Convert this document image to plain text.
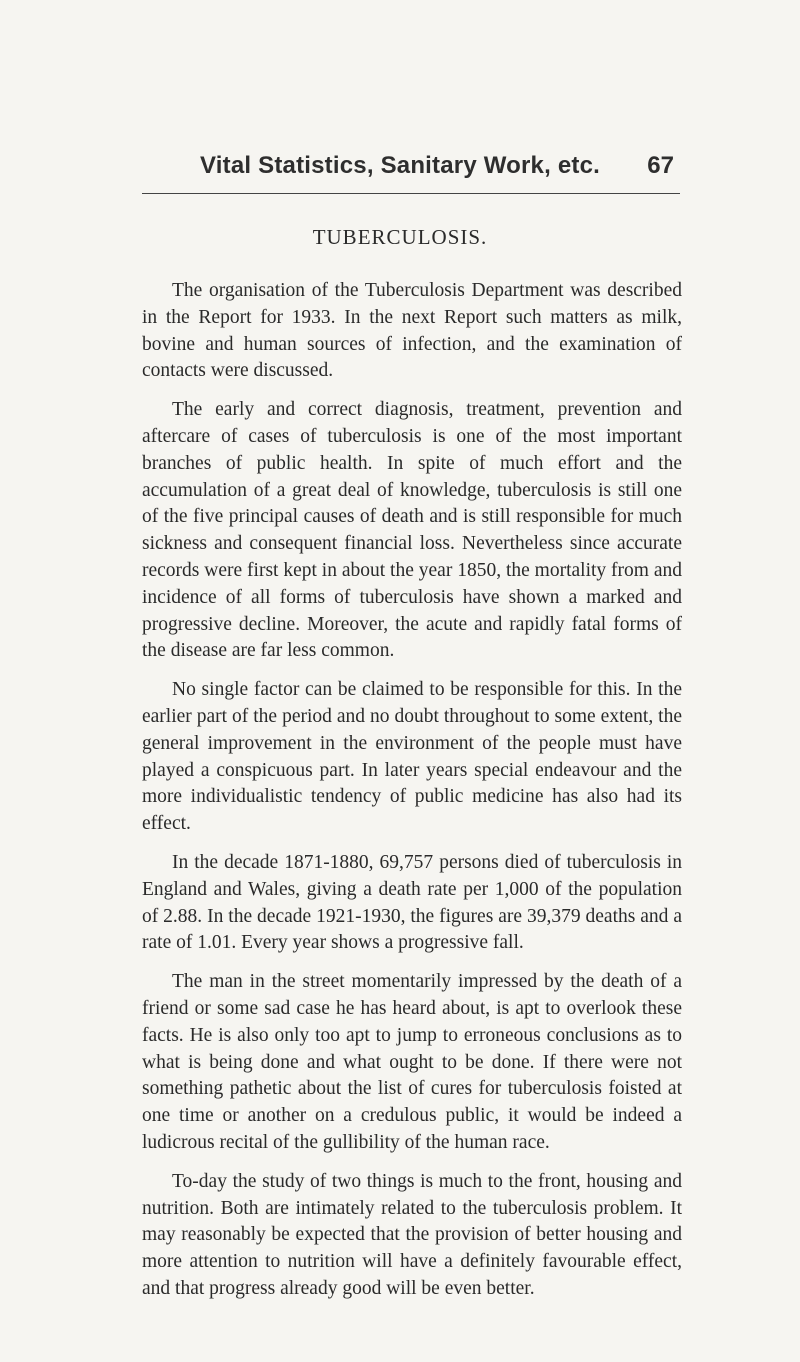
Vital Statistics, Sanitary Work, etc. 67
TUBERCULOSIS.

The organisation of the Tuberculosis Department was described in the Report for 1933. In the next Report such matters as milk, bovine and human sources of infection, and the examination of contacts were discussed.

The early and correct diagnosis, treatment, prevention and aftercare of cases of tuberculosis is one of the most important branches of public health. In spite of much effort and the accumulation of a great deal of knowledge, tuberculosis is still one of the five principal causes of death and is still responsible for much sickness and consequent financial loss. Nevertheless since accurate records were first kept in about the year 1850, the mortality from and incidence of all forms of tuberculosis have shown a marked and progressive decline. Moreover, the acute and rapidly fatal forms of the disease are far less common.

No single factor can be claimed to be responsible for this. In the earlier part of the period and no doubt throughout to some extent, the general improvement in the environment of the people must have played a conspicuous part. In later years special endeavour and the more individualistic tendency of public medicine has also had its effect.

In the decade 1871-1880, 69,757 persons died of tuberculosis in England and Wales, giving a death rate per 1,000 of the population of 2.88. In the decade 1921-1930, the figures are 39,379 deaths and a rate of 1.01. Every year shows a progressive fall.

The man in the street momentarily impressed by the death of a friend or some sad case he has heard about, is apt to overlook these facts. He is also only too apt to jump to erroneous conclusions as to what is being done and what ought to be done. If there were not something pathetic about the list of cures for tuberculosis foisted at one time or another on a credulous public, it would be indeed a ludicrous recital of the gullibility of the human race.

To-day the study of two things is much to the front, housing and nutrition. Both are intimately related to the tuberculosis problem. It may reasonably be expected that the provision of better housing and more attention to nutrition will have a definitely favourable effect, and that progress already good will be even better.
